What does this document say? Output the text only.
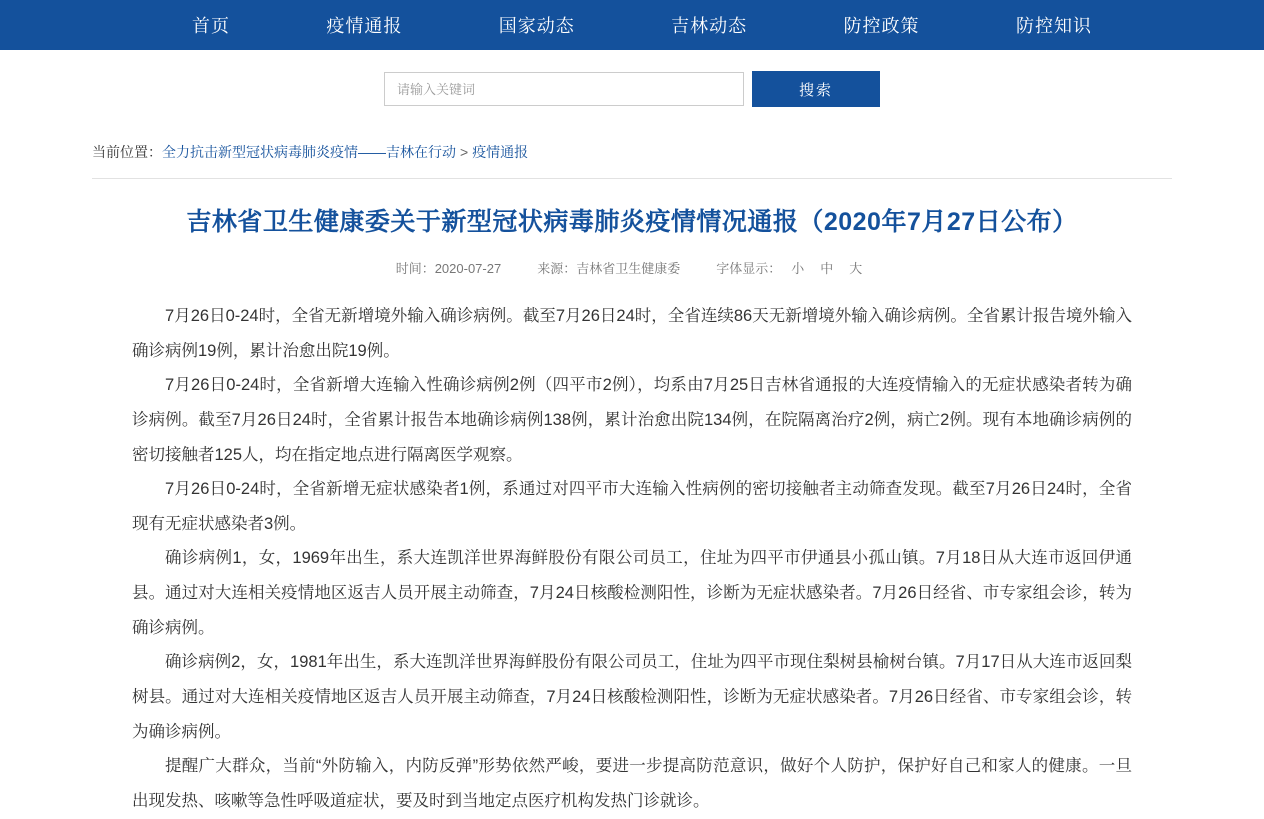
首页	疫情通报	国家动态	吉林动态	防控政策	防控知识
请输入关键词
搜索
当前位置：全力抗击新型冠状病毒肺炎疫情——吉林在行动 > 疫情通报
吉林省卫生健康委关于新型冠状病毒肺炎疫情情况通报（2020年7月27日公布）
时间：2020-07-27	来源：吉林省卫生健康委	字体显示： 小	中	大

7月26日0-24时，全省无新增境外输入确诊病例。截至7月26日24时，全省连续86天无新增境外输入确诊病例。全省累计报告境外输入确诊病例19例，累计治愈出院19例。

7月26日0-24时，全省新增大连输入性确诊病例2例（四平市2例），均系由7月25日吉林省通报的大连疫情输入的无症状感染者转为确诊病例。截至7月26日24时，全省累计报告本地确诊病例138例，累计治愈出院134例，在院隔离治疗2例，病亡2例。现有本地确诊病例的密切接触者125人，均在指定地点进行隔离医学观察。

7月26日0-24时，全省新增无症状感染者1例，系通过对四平市大连输入性病例的密切接触者主动筛查发现。截至7月26日24时，全省现有无症状感染者3例。

确诊病例1，女，1969年出生，系大连凯洋世界海鲜股份有限公司员工，住址为四平市伊通县小孤山镇。7月18日从大连市返回伊通县。通过对大连相关疫情地区返吉人员开展主动筛查，7月24日核酸检测阳性，诊断为无症状感染者。7月26日经省、市专家组会诊，转为确诊病例。

确诊病例2，女，1981年出生，系大连凯洋世界海鲜股份有限公司员工，住址为四平市现住梨树县榆树台镇。7月17日从大连市返回梨树县。通过对大连相关疫情地区返吉人员开展主动筛查，7月24日核酸检测阳性，诊断为无症状感染者。7月26日经省、市专家组会诊，转为确诊病例。

提醒广大群众，当前“外防输入，内防反弹”形势依然严峻，要进一步提高防范意识，做好个人防护，保护好自己和家人的健康。一旦出现发热、咳嗽等急性呼吸道症状，要及时到当地定点医疗机构发热门诊就诊。
